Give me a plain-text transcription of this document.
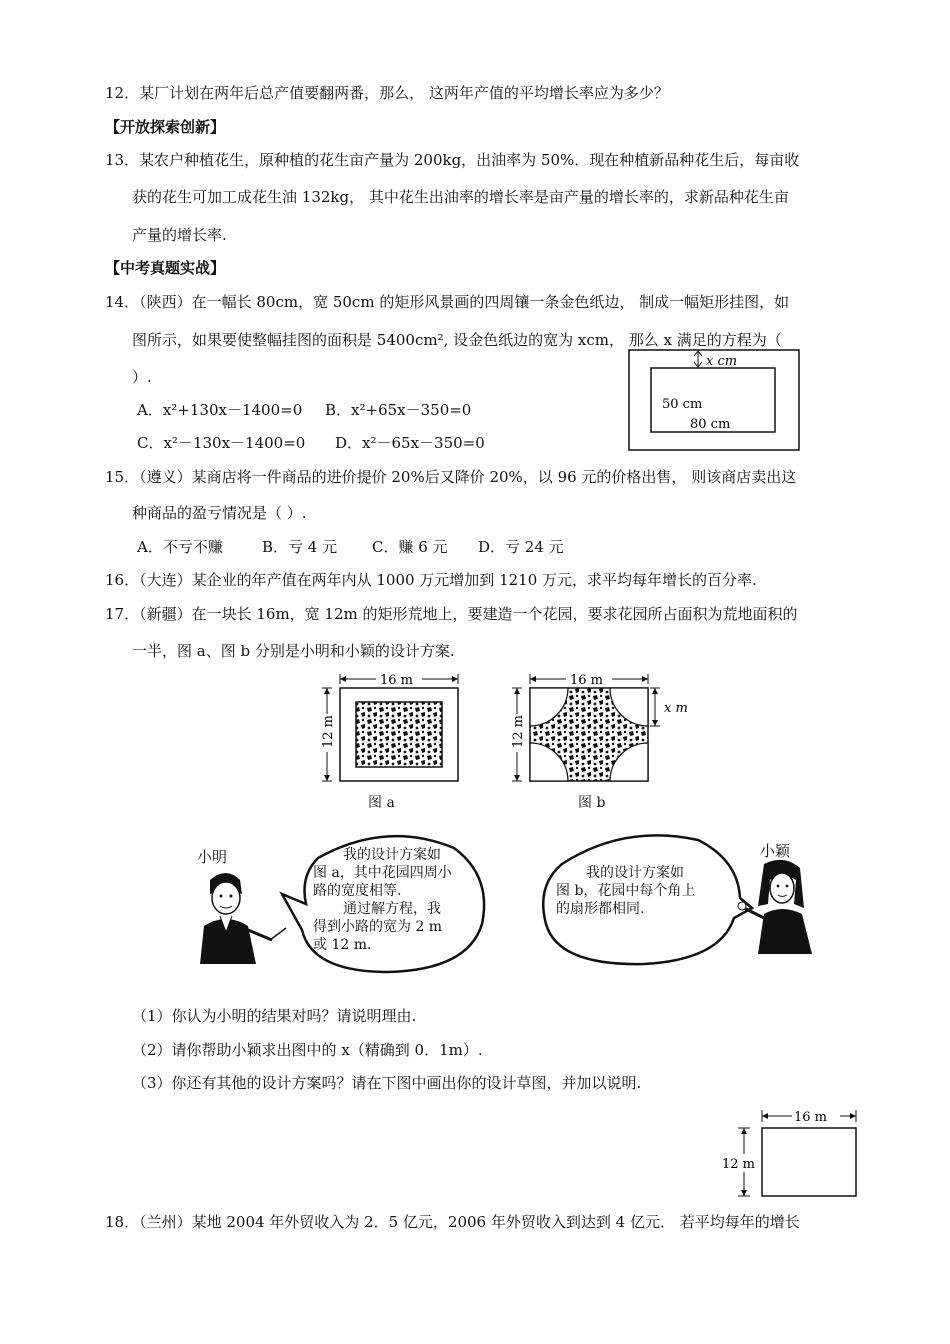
12．某厂计划在两年后总产值要翻两番，那么， 这两年产值的平均增长率应为多少？
【开放探索创新】
13．某农户种植花生，原种植的花生亩产量为 200kg，出油率为 50%．现在种植新品种花生后，每亩收
获的花生可加工成花生油 132kg， 其中花生出油率的增长率是亩产量的增长率的，求新品种花生亩
产量的增长率.
【中考真题实战】
14．（陕西）在一幅长 80cm，宽 50cm 的矩形风景画的四周镶一条金色纸边， 制成一幅矩形挂图，如
图所示，如果要使整幅挂图的面积是 5400cm², 设金色纸边的宽为 xcm， 那么 x 满足的方程为（
）.
A．x²+130x－1400=0 B．x²+65x－350=0
C．x²－130x－1400=0 D．x²－65x－350=0
x cm
50 cm
80 cm
15．（遵义）某商店将一件商品的进价提价 20%后又降价 20%，以 96 元的价格出售， 则该商店卖出这
种商品的盈亏情况是（ ）.
A．不亏不赚	B．亏 4 元 C．赚 6 元 D．亏 24 元
16．（大连）某企业的年产值在两年内从 1000 万元增加到 1210 万元，求平均每年增长的百分率.
17．（新疆）在一块长 16m，宽 12m 的矩形荒地上，要建造一个花园，要求花园所占面积为荒地面积的
一半，图 a、图 b 分别是小明和小颖的设计方案.
16 m
12 m
图 a
16 m
12 m
x m
图 b
小明	我的设计方案如
图 a，其中花园四周小
路的宽度相等.
通过解方程，我
得到小路的宽为 2 m
或 12 m.
我的设计方案如
图 b，花园中每个角上
的扇形都相同.
小颖
（1）你认为小明的结果对吗？请说明理由.
（2）请你帮助小颖求出图中的 x（精确到 0．1m）.
（3）你还有其他的设计方案吗？请在下图中画出你的设计草图，并加以说明.
16 m
12 m
18．（兰州）某地 2004 年外贸收入为 2．5 亿元，2006 年外贸收入到达到 4 亿元． 若平均每年的增长
